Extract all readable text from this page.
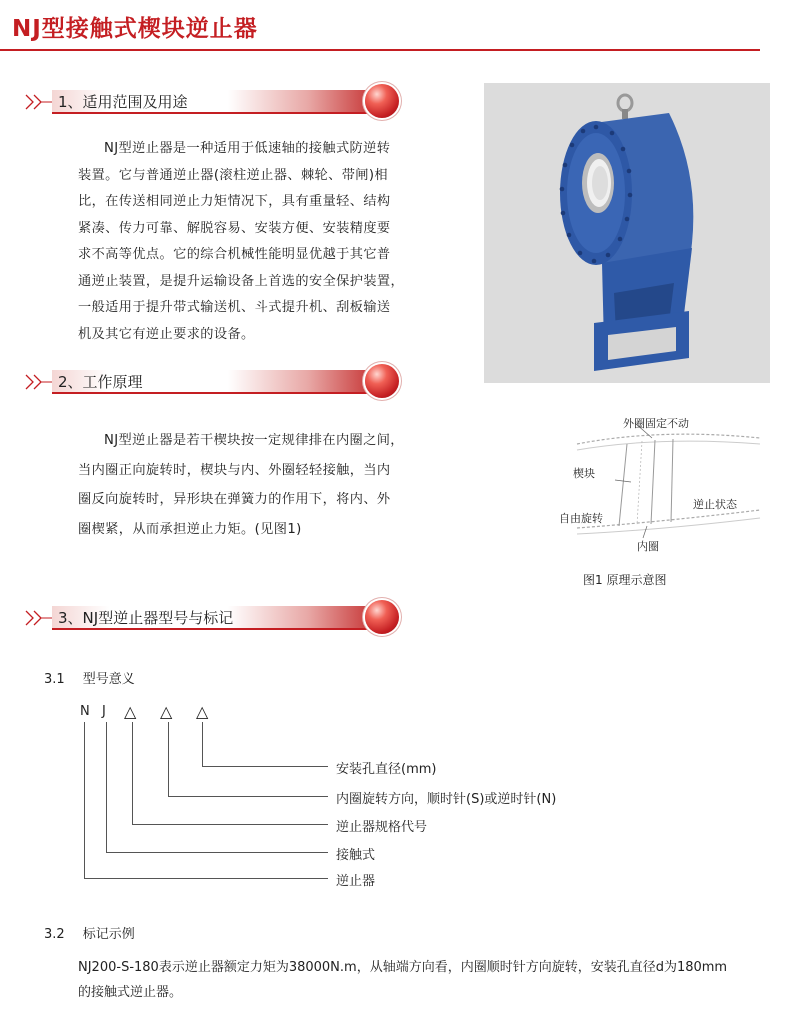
NJ型接触式楔块逆止器
1、适用范围及用途

NJ型逆止器是一种适用于低速轴的接触式防逆转

装置。它与普通逆止器(滚柱逆止器、棘轮、带闸)相

比，在传送相同逆止力矩情况下，具有重量轻、结构

紧凑、传力可靠、解脱容易、安装方便、安装精度要

求不高等优点。它的综合机械性能明显优越于其它普

通逆止装置，是提升运输设备上首选的安全保护装置，

一般适用于提升带式输送机、斗式提升机、刮板输送

机及其它有逆止要求的设备。

2、工作原理

NJ型逆止器是若干楔块按一定规律排在内圈之间，

当内圈正向旋转时，楔块与内、外圈轻轻接触，当内

圈反向旋转时，异形块在弹簧力的作用下，将内、外

圈楔紧，从而承担逆止力矩。(见图1)

外圈固定不动
楔块
自由旋转
逆止状态
内圈
图1 原理示意图
3、NJ型逆止器型号与标记
3.1 型号意义
N J △ △ △
安装孔直径(mm)
内圈旋转方向，顺时针(S)或逆时针(N)
逆止器规格代号
接触式
逆止器
3.2 标记示例

NJ200-S-180表示逆止器额定力矩为38000N.m，从轴端方向看，内圈顺时针方向旋转，安装孔直径d为180mm

的接触式逆止器。
